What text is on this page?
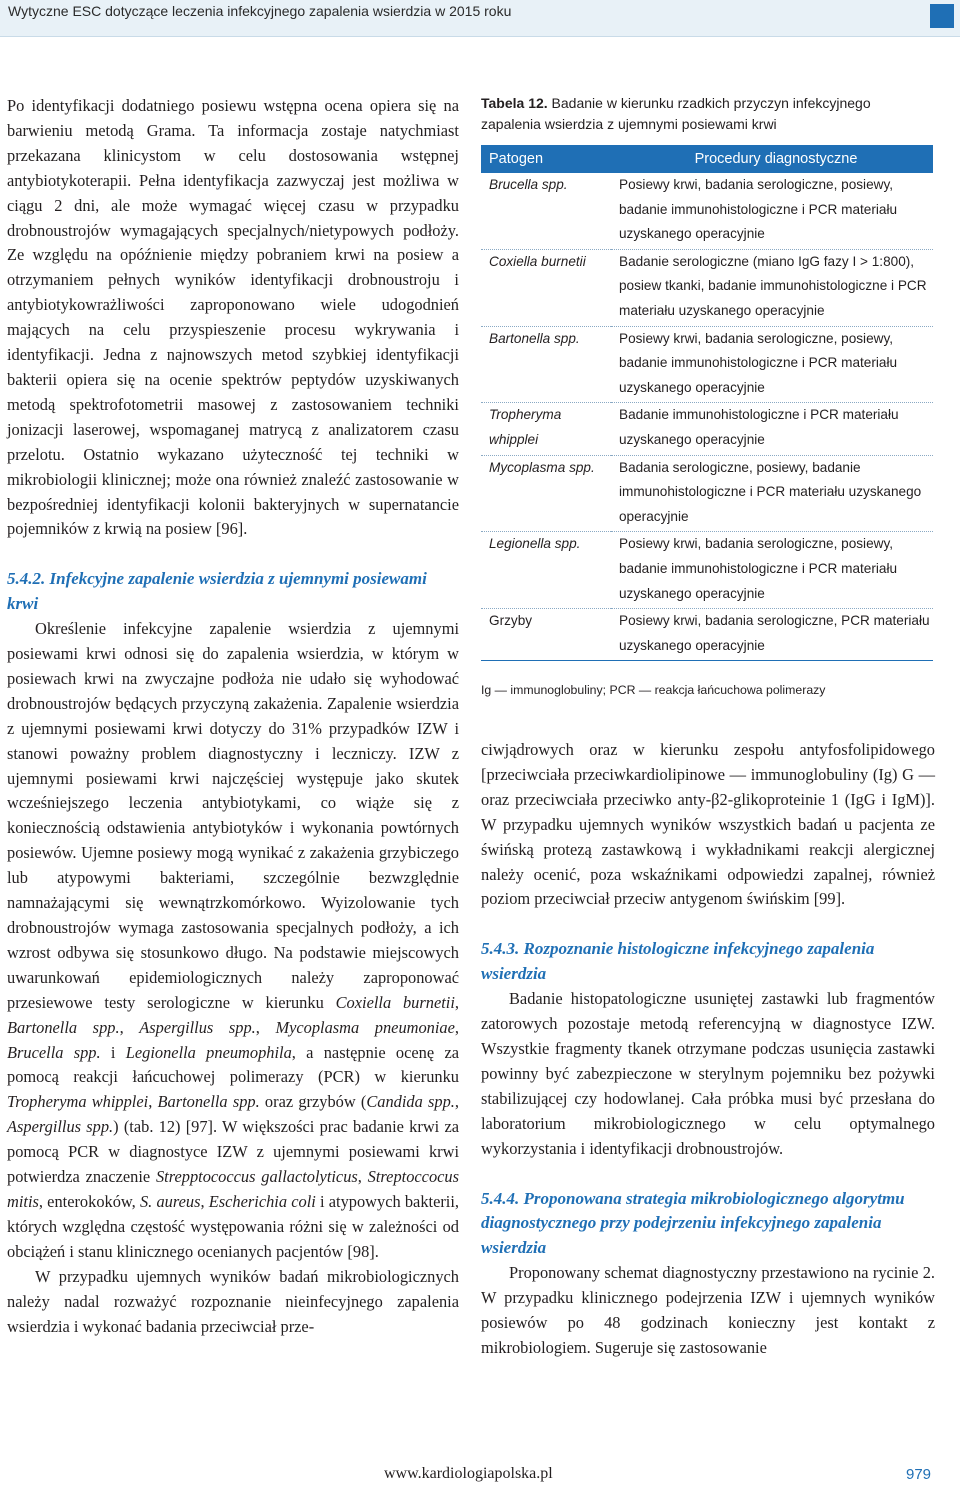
Wytyczne ESC dotyczące leczenia infekcyjnego zapalenia wsierdzia w 2015 roku

Po identyfikacji dodatniego posiewu wstępna ocena opiera się na barwieniu metodą Grama. Ta informacja zostaje natychmiast przekazana klinicystom w celu dostosowania wstępnej antybiotykoterapii. Pełna identyfikacja zazwyczaj jest możliwa w ciągu 2 dni, ale może wymagać więcej czasu w przypadku drobnoustrojów wymagających specjalnych/nietypowych podłoży. Ze względu na opóźnienie między pobraniem krwi na posiew a otrzymaniem pełnych wyników identyfikacji drobnoustroju i antybiotykowrażliwości zaproponowano wiele udogodnień mających na celu przyspieszenie procesu wykrywania i identyfikacji. Jedna z najnowszych metod szybkiej identyfikacji bakterii opiera się na ocenie spektrów peptydów uzyskiwanych metodą spektrofotometrii masowej z zastosowaniem techniki jonizacji laserowej, wspomaganej matrycą z analizatorem czasu przelotu. Ostatnio wykazano użyteczność tej techniki w mikrobiologii klinicznej; może ona również znaleźć zastosowanie w bezpośredniej identyfikacji kolonii bakteryjnych w supernatancie pojemników z krwią na posiew [96].

5.4.2. Infekcyjne zapalenie wsierdzia z ujemnymi posiewami krwi

Określenie infekcyjne zapalenie wsierdzia z ujemnymi posiewami krwi odnosi się do zapalenia wsierdzia, w którym w posiewach krwi na zwyczajne podłoża nie udało się wyhodować drobnoustrojów będących przyczyną zakażenia. Zapalenie wsierdzia z ujemnymi posiewami krwi dotyczy do 31% przypadków IZW i stanowi poważny problem diagnostyczny i leczniczy. IZW z ujemnymi posiewami krwi najczęściej występuje jako skutek wcześniejszego leczenia antybiotykami, co wiąże się z koniecznością odstawienia antybiotyków i wykonania powtórnych posiewów. Ujemne posiewy mogą wynikać z zakażenia grzybiczego lub atypowymi bakteriami, szczególnie bezwzględnie namnażającymi się wewnątrzkomórkowo. Wyizolowanie tych drobnoustrojów wymaga zastosowania specjalnych podłoży, a ich wzrost odbywa się stosunkowo długo. Na podstawie miejscowych uwarunkowań epidemiologicznych należy zaproponować przesiewowe testy serologiczne w kierunku Coxiella burnetii, Bartonella spp., Aspergillus spp., Mycoplasma pneumoniae, Brucella spp. i Legionella pneumophila, a następnie ocenę za pomocą reakcji łańcuchowej polimerazy (PCR) w kierunku Tropheryma whipplei, Bartonella spp. oraz grzybów (Candida spp., Aspergillus spp.) (tab. 12) [97]. W większości prac badanie krwi za pomocą PCR w diagnostyce IZW z ujemnymi posiewami krwi potwierdza znaczenie Strepptococcus gallactolyticus, Streptoccocus mitis, enterokoków, S. aureus, Escherichia coli i atypowych bakterii, których względna częstość występowania różni się w zależności od obciążeń i stanu klinicznego ocenianych pacjentów [98].

W przypadku ujemnych wyników badań mikrobiologicznych należy nadal rozważyć rozpoznanie nieinfecyjnego zapalenia wsierdzia i wykonać badania przeciwciał prze-

Tabela 12. Badanie w kierunku rzadkich przyczyn infekcyjnego zapalenia wsierdzia z ujemnymi posiewami krwi
Patogen	Procedury diagnostyczne
Brucella spp.	Posiewy krwi, badania serologiczne, posiewy, badanie immunohistologiczne i PCR materiału uzyskanego operacyjnie
Coxiella burnetii	Badanie serologiczne (miano IgG fazy I > 1:800), posiew tkanki, badanie immunohistologiczne i PCR materiału uzyskanego operacyjnie
Bartonella spp.	Posiewy krwi, badania serologiczne, posiewy, badanie immunohistologiczne i PCR materiału uzyskanego operacyjnie
Tropheryma whipplei	Badanie immunohistologiczne i PCR materiału uzyskanego operacyjnie
Mycoplasma spp.	Badania serologiczne, posiewy, badanie immunohistologiczne i PCR materiału uzyskanego operacyjnie
Legionella spp.	Posiewy krwi, badania serologiczne, posiewy, badanie immunohistologiczne i PCR materiału uzyskanego operacyjnie
Grzyby	Posiewy krwi, badania serologiczne, PCR materiału uzyskanego operacyjnie
Ig — immunoglobuliny; PCR — reakcja łańcuchowa polimerazy

ciwjądrowych oraz w kierunku zespołu antyfosfolipidowego [przeciwciała przeciwkardiolipinowe — immunoglobuliny (Ig) G — oraz przeciwciała przeciwko anty-β2-glikoproteinie 1 (IgG i IgM)]. W przypadku ujemnych wyników wszystkich badań u pacjenta ze świńską protezą zastawkową i wykładnikami reakcji alergicznej należy ocenić, poza wskaźnikami odpowiedzi zapalnej, również poziom przeciwciał przeciw antygenom świńskim [99].

5.4.3. Rozpoznanie histologiczne infekcyjnego zapalenia wsierdzia

Badanie histopatologiczne usuniętej zastawki lub fragmentów zatorowych pozostaje metodą referencyjną w diagnostyce IZW. Wszystkie fragmenty tkanek otrzymane podczas usunięcia zastawki powinny być zabezpieczone w sterylnym pojemniku bez pożywki stabilizującej czy hodowlanej. Cała próbka musi być przesłana do laboratorium mikrobiologicznego w celu optymalnego wykorzystania i identyfikacji drobnoustrojów.

5.4.4. Proponowana strategia mikrobiologicznego algorytmu diagnostycznego przy podejrzeniu infekcyjnego zapalenia wsierdzia

Proponowany schemat diagnostyczny przestawiono na rycinie 2. W przypadku klinicznego podejrzenia IZW i ujemnych wyników posiewów po 48 godzinach konieczny jest kontakt z mikrobiologiem. Sugeruje się zastosowanie

www.kardiologiapolska.pl	979
